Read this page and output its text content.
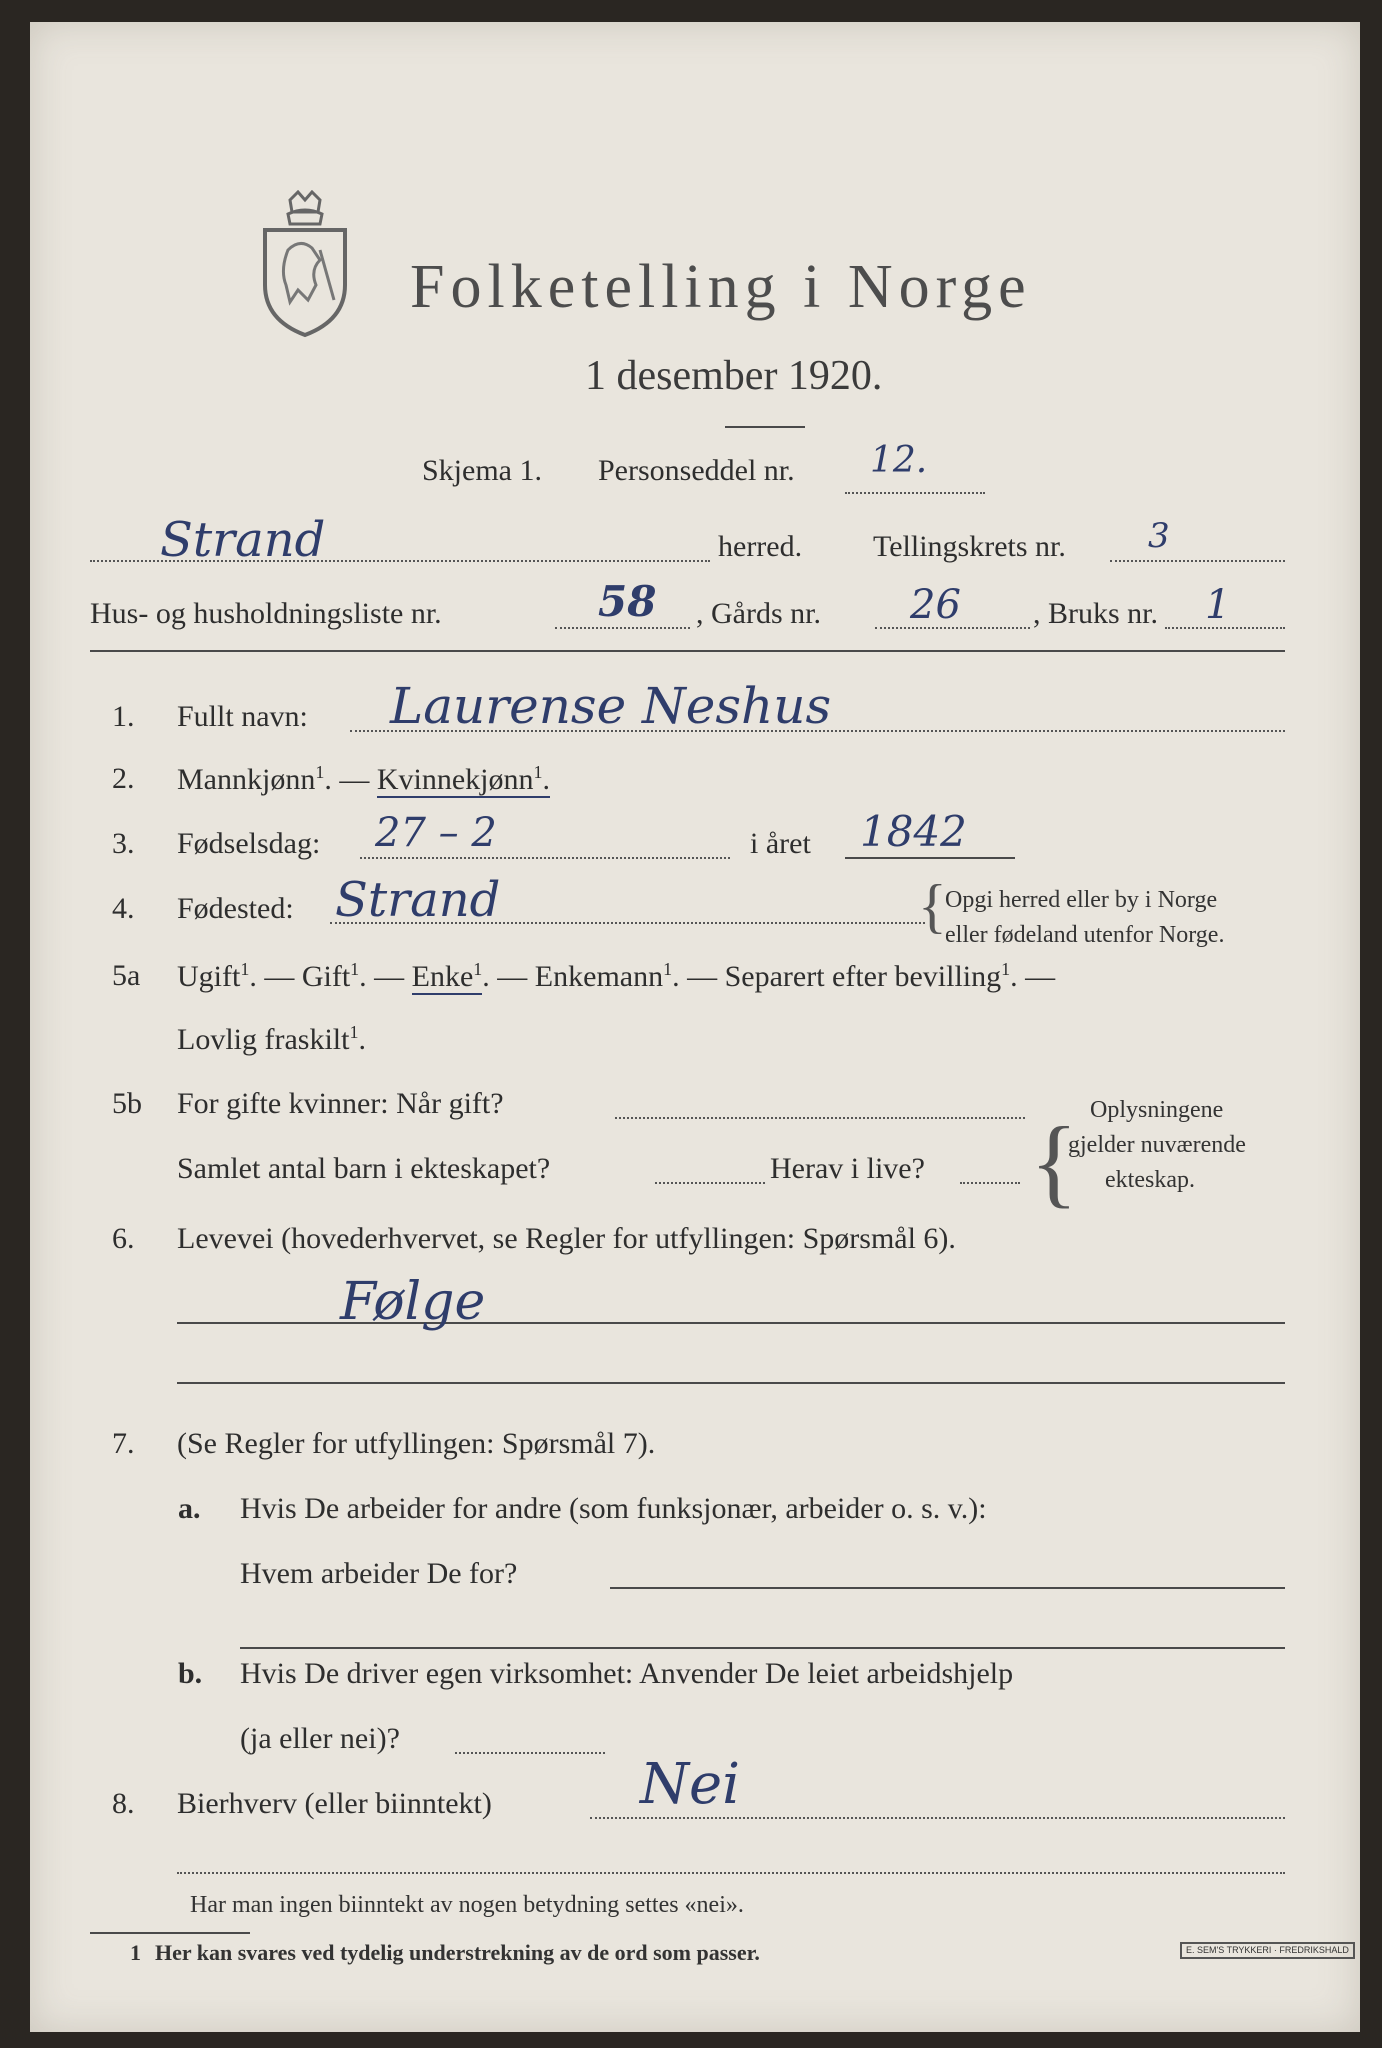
Folketelling i Norge
1 desember 1920.
Skjema 1. Personseddel nr. 12.
Strand	herred. Tellingskrets nr. 3
Hus- og husholdningsliste nr.	58 , Gårds nr. 26 , Bruks nr. 1
1. Fullt navn: Laurense Neshus
2. Mannkjønn$^1$. — Kvinnekjønn$^1$.
3. Fødselsdag: 27 – 2	i året 1842
4. Fødested: Strand	{
Opgi herred eller by i Norge
eller fødeland utenfor Norge.
5a Ugift$^1$. — Gift$^1$. — Enke$^1$. — Enkemann$^1$. — Separert efter bevilling$^1$. —
Lovlig fraskilt$^1$.
5b For gifte kvinner: Når gift?
Samlet antal barn i ekteskapet?	Herav i live? { Oplysningene
gjelder nuværende
ekteskap.
6. Levevei (hovederhvervet, se Regler for utfyllingen: Spørsmål 6).
Følge
7. (Se Regler for utfyllingen: Spørsmål 7).
a. Hvis De arbeider for andre (som funksjonær, arbeider o. s. v.):
Hvem arbeider De for?
b. Hvis De driver egen virksomhet: Anvender De leiet arbeidshjelp
(ja eller nei)?
8. Bierhverv (eller biinntekt)	Nei
Har man ingen biinntekt av nogen betydning settes «nei».
1 Her kan svares ved tydelig understrekning av de ord som passer.	E. SEM'S TRYKKERI · FREDRIKSHALD
